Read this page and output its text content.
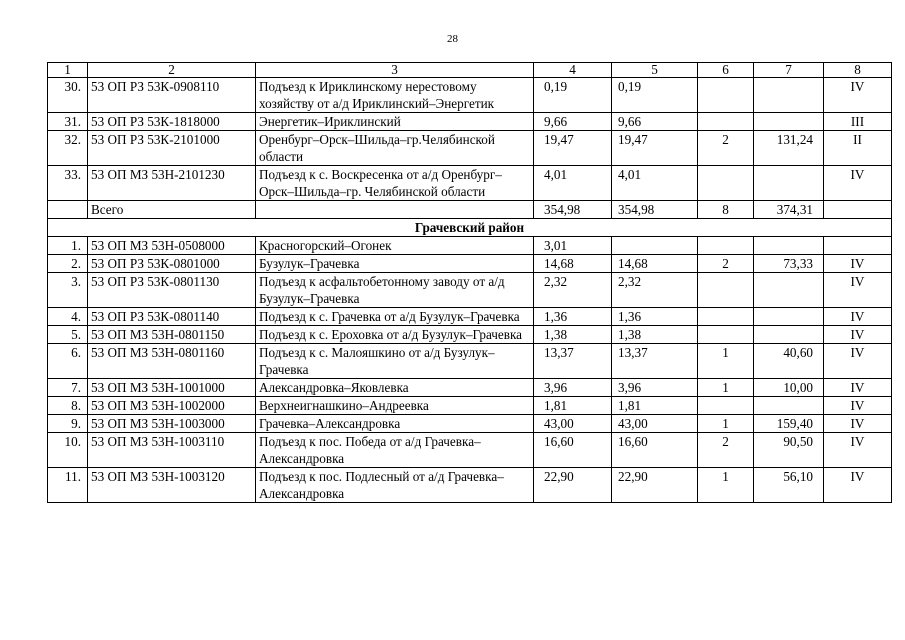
28
1	2	3	4	5	6	7	8
30.	53 ОП РЗ 53К-0908110	Подъезд к Ириклинскому нерестовому хозяйству от а/д Ириклинский–Энергетик	0,19	0,19			IV
31.	53 ОП РЗ 53К-1818000	Энергетик–Ириклинский	9,66	9,66			III
32.	53 ОП РЗ 53К-2101000	Оренбург–Орск–Шильда–гр.Челябинской области	19,47	19,47	2	131,24	II
33.	53 ОП МЗ 53Н-2101230	Подъезд к с. Воскресенка от а/д Оренбург–Орск–Шильда–гр. Челябинской области	4,01	4,01			IV
	Всего		354,98	354,98	8	374,31	
Грачевский район							
1.	53 ОП МЗ 53Н-0508000	Красногорский–Огонек	3,01				
2.	53 ОП РЗ 53К-0801000	Бузулук–Грачевка	14,68	14,68	2	73,33	IV
3.	53 ОП РЗ 53К-0801130	Подъезд к асфальтобетонному заводу от а/д Бузулук–Грачевка	2,32	2,32			IV
4.	53 ОП РЗ 53К-0801140	Подъезд к с. Грачевка от а/д Бузулук–Грачевка	1,36	1,36			IV
5.	53 ОП МЗ 53Н-0801150	Подъезд к с. Ероховка от а/д Бузулук–Грачевка	1,38	1,38			IV
6.	53 ОП МЗ 53Н-0801160	Подъезд к с. Малояшкино от а/д Бузулук–Грачевка	13,37	13,37	1	40,60	IV
7.	53 ОП МЗ 53Н-1001000	Александровка–Яковлевка	3,96	3,96	1	10,00	IV
8.	53 ОП МЗ 53Н-1002000	Верхнеигнашкино–Андреевка	1,81	1,81			IV
9.	53 ОП МЗ 53Н-1003000	Грачевка–Александровка	43,00	43,00	1	159,40	IV
10.	53 ОП МЗ 53Н-1003110	Подъезд к пос. Победа от а/д Грачевка–Александровка	16,60	16,60	2	90,50	IV
11.	53 ОП МЗ 53Н-1003120	Подъезд к пос. Подлесный от а/д Грачевка–Александровка	22,90	22,90	1	56,10	IV
